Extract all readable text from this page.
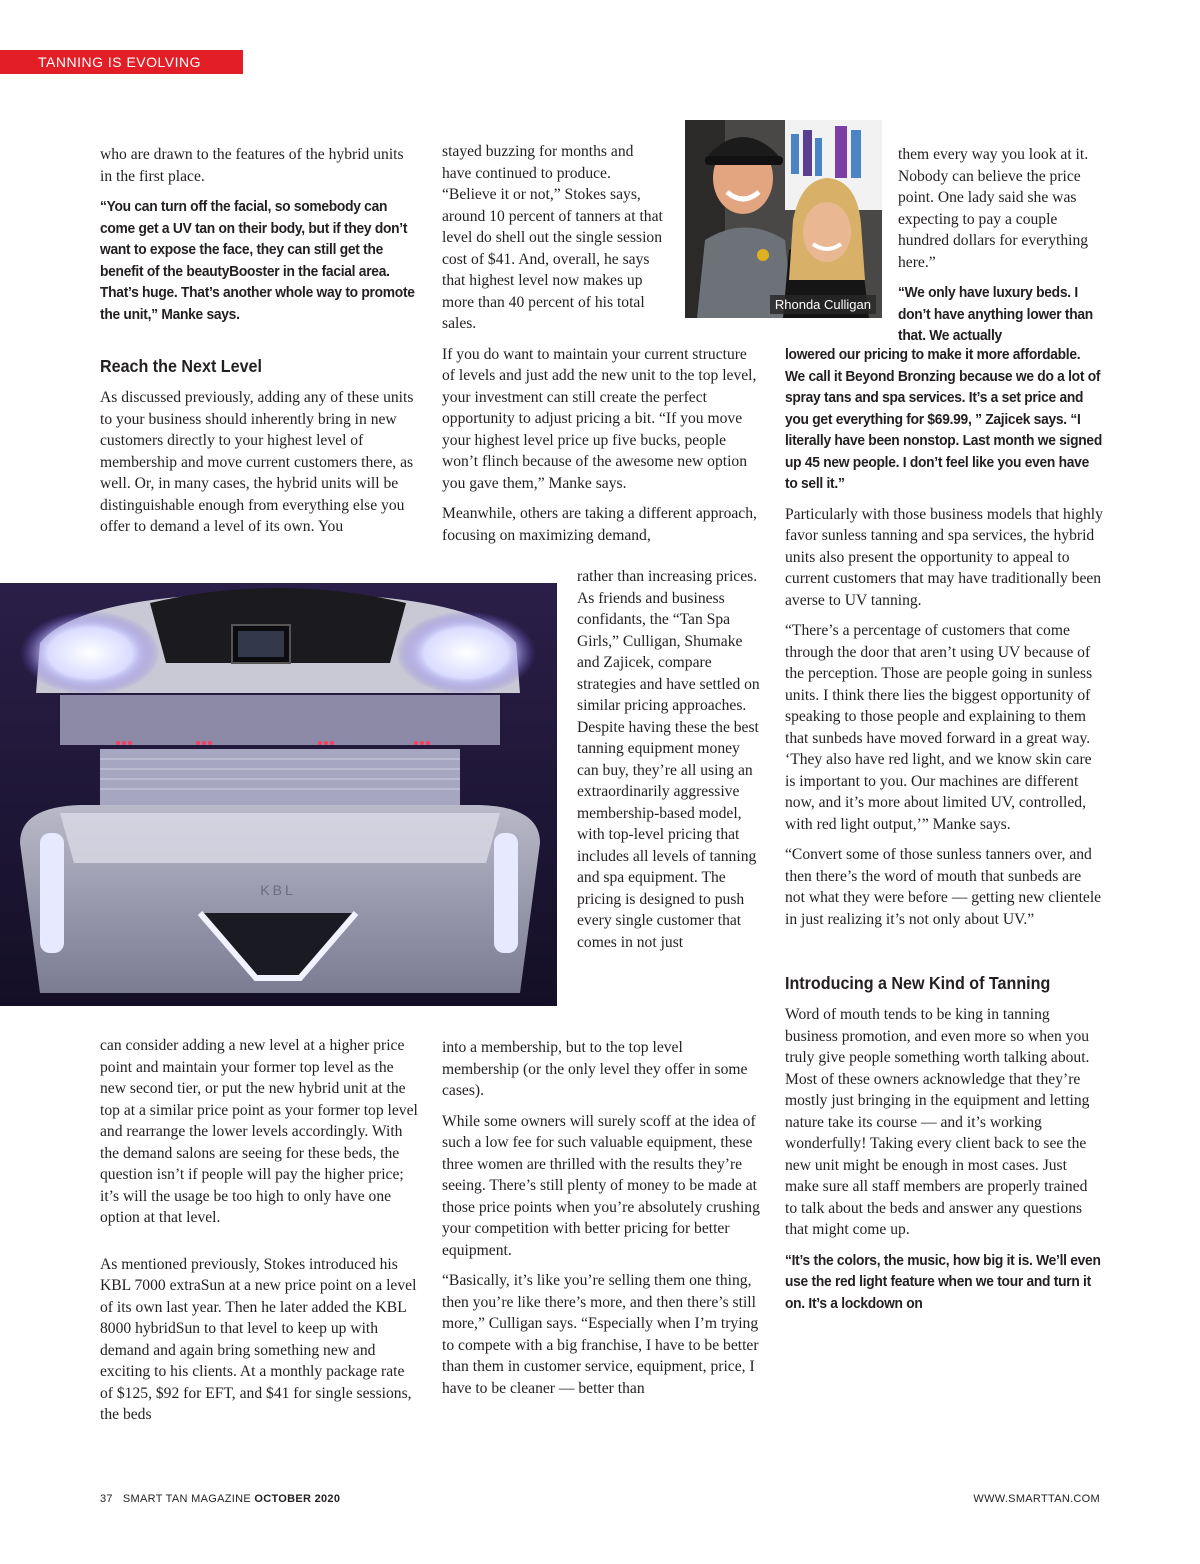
TANNING IS EVOLVING

who are drawn to the features of the hybrid units in the first place.

“You can turn off the facial, so somebody can come get a UV tan on their body, but if they don’t want to expose the face, they can still get the benefit of the beautyBooster in the facial area. That’s huge. That’s another whole way to promote the unit,” Manke says.

Reach the Next Level

As discussed previously, adding any of these units to your business should inherently bring in new customers directly to your highest level of membership and move current customers there, as well. Or, in many cases, the hybrid units will be distinguishable enough from everything else you offer to demand a level of its own. You

can consider adding a new level at a higher price point and maintain your former top level as the new second tier, or put the new hybrid unit at the top at a similar price point as your former top level and rearrange the lower levels accordingly. With the demand salons are seeing for these beds, the question isn’t if people will pay the higher price; it’s will the usage be too high to only have one option at that level.

As mentioned previously, Stokes introduced his KBL 7000 extraSun at a new price point on a level of its own last year. Then he later added the KBL 8000 hybridSun to that level to keep up with demand and again bring something new and exciting to his clients. At a monthly package rate of $125, $92 for EFT, and $41 for single sessions, the beds

stayed buzzing for months and have continued to produce. “Believe it or not,” Stokes says, around 10 percent of tanners at that level do shell out the single session cost of $41. And, overall, he says that highest level now makes up more than 40 percent of his total sales.

If you do want to maintain your current structure of levels and just add the new unit to the top level, your investment can still create the perfect opportunity to adjust pricing a bit. “If you move your highest level price up five bucks, people won’t flinch because of the awesome new option you gave them,” Manke says.

Meanwhile, others are taking a different approach, focusing on maximizing demand,

rather than increasing prices. As friends and business confidants, the “Tan Spa Girls,” Culligan, Shumake and Zajicek, compare strategies and have settled on similar pricing approaches. Despite having these the best tanning equipment money can buy, they’re all using an extraordinarily aggressive membership-based model, with top-level pricing that includes all levels of tanning and spa equipment. The pricing is designed to push every single customer that comes in not just

into a membership, but to the top level membership (or the only level they offer in some cases).

While some owners will surely scoff at the idea of such a low fee for such valuable equipment, these three women are thrilled with the results they’re seeing. There’s still plenty of money to be made at those price points when you’re absolutely crushing your competition with better pricing for better equipment.

“Basically, it’s like you’re selling them one thing, then you’re like there’s more, and then there’s still more,” Culligan says. “Especially when I’m trying to compete with a big franchise, I have to be better than them in customer service, equipment, price, I have to be cleaner — better than

Rhonda Culligan

them every way you look at it. Nobody can believe the price point. One lady said she was expecting to pay a couple hundred dollars for everything here.”

“We only have luxury beds. I don’t have anything lower than that. We actually

lowered our pricing to make it more affordable. We call it Beyond Bronzing because we do a lot of spray tans and spa services. It’s a set price and you get everything for $69.99, ” Zajicek says. “I literally have been nonstop. Last month we signed up 45 new people. I don’t feel like you even have to sell it.”

Particularly with those business models that highly favor sunless tanning and spa services, the hybrid units also present the opportunity to appeal to current customers that may have traditionally been averse to UV tanning.

“There’s a percentage of customers that come through the door that aren’t using UV because of the perception. Those are people going in sunless units. I think there lies the biggest opportunity of speaking to those people and explaining to them that sunbeds have moved forward in a great way. ‘They also have red light, and we know skin care is important to you. Our machines are different now, and it’s more about limited UV, controlled, with red light output,’” Manke says.

“Convert some of those sunless tanners over, and then there’s the word of mouth that sunbeds are not what they were before — getting new clientele in just realizing it’s not only about UV.”

Introducing a New Kind of Tanning

Word of mouth tends to be king in tanning business promotion, and even more so when you truly give people something worth talking about. Most of these owners acknowledge that they’re mostly just bringing in the equipment and letting nature take its course — and it’s working wonderfully! Taking every client back to see the new unit might be enough in most cases. Just make sure all staff members are properly trained to talk about the beds and answer any questions that might come up.

“It’s the colors, the music, how big it is. We’ll even use the red light feature when we tour and turn it on. It’s a lockdown on

KBL
37 SMART TAN MAGAZINE OCTOBER 2020	WWW.SMARTTAN.COM
